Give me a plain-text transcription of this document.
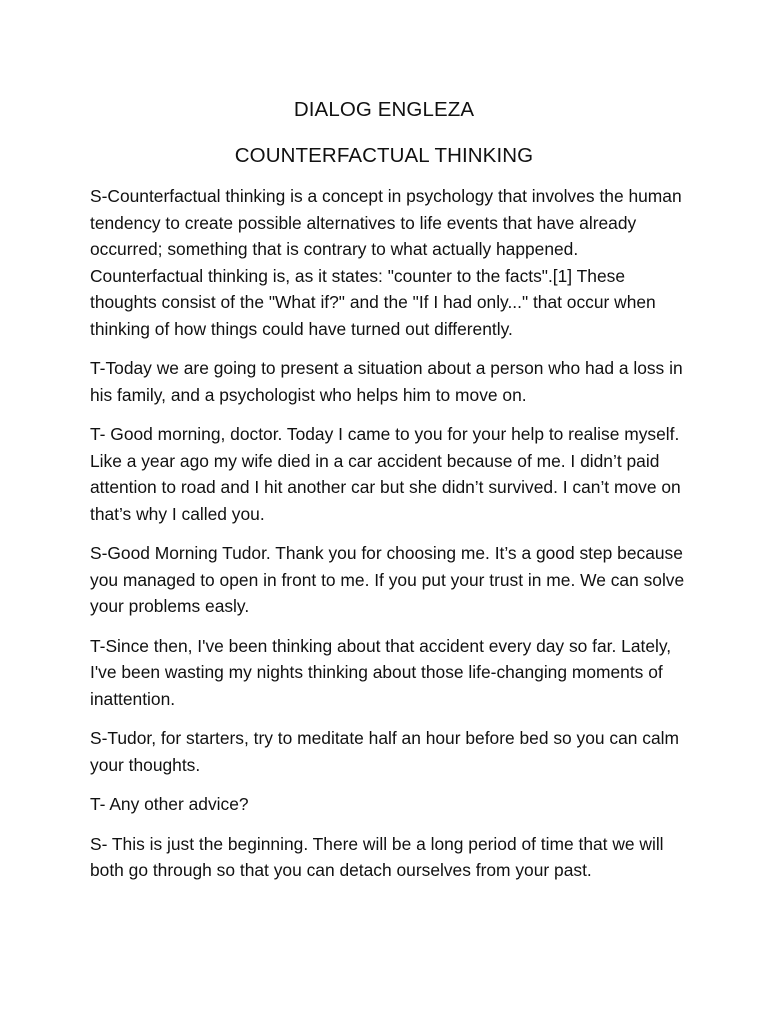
DIALOG ENGLEZA
COUNTERFACTUAL THINKING

S-Counterfactual thinking is a concept in psychology that involves the human tendency to create possible alternatives to life events that have already occurred; something that is contrary to what actually happened. Counterfactual thinking is, as it states: "counter to the facts".[1] These thoughts consist of the "What if?" and the "If I had only..." that occur when thinking of how things could have turned out differently.

T-Today we are going to present a situation about a person who had a loss in his family, and a psychologist who helps him to move on.

T- Good morning, doctor. Today I came to you for your help to realise myself. Like a year ago my wife died in a car accident because of me. I didn’t paid attention to road and I hit another car but she didn’t survived. I can’t move on that’s why I called you.

S-Good Morning Tudor. Thank you for choosing me. It’s a good step because you managed to open in front to me. If you put your trust in me. We can solve your problems easly.

T-Since then, I've been thinking about that accident every day so far. Lately, I've been wasting my nights thinking about those life-changing moments of inattention.

S-Tudor, for starters, try to meditate half an hour before bed so you can calm your thoughts.

T- Any other advice?

S- This is just the beginning. There will be a long period of time that we will both go through so that you can detach ourselves from your past.
